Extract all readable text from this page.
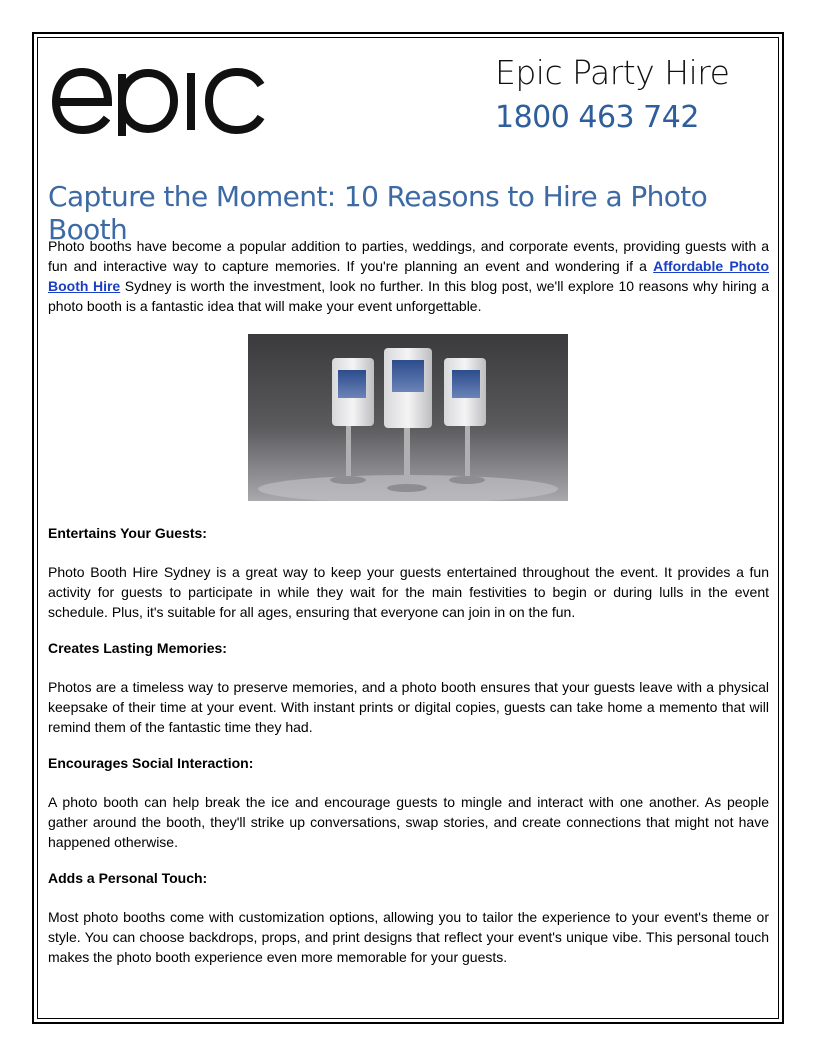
Epic Party Hire
1800 463 742
Capture the Moment: 10 Reasons to Hire a Photo Booth

Photo booths have become a popular addition to parties, weddings, and corporate events, providing guests with a fun and interactive way to capture memories. If you're planning an event and wondering if a Affordable Photo Booth Hire Sydney is worth the investment, look no further. In this blog post, we'll explore 10 reasons why hiring a photo booth is a fantastic idea that will make your event unforgettable.

Entertains Your Guests:

Photo Booth Hire Sydney is a great way to keep your guests entertained throughout the event. It provides a fun activity for guests to participate in while they wait for the main festivities to begin or during lulls in the event schedule. Plus, it's suitable for all ages, ensuring that everyone can join in on the fun.

Creates Lasting Memories:

Photos are a timeless way to preserve memories, and a photo booth ensures that your guests leave with a physical keepsake of their time at your event. With instant prints or digital copies, guests can take home a memento that will remind them of the fantastic time they had.

Encourages Social Interaction:

A photo booth can help break the ice and encourage guests to mingle and interact with one another. As people gather around the booth, they'll strike up conversations, swap stories, and create connections that might not have happened otherwise.

Adds a Personal Touch:

Most photo booths come with customization options, allowing you to tailor the experience to your event's theme or style. You can choose backdrops, props, and print designs that reflect your event's unique vibe. This personal touch makes the photo booth experience even more memorable for your guests.
